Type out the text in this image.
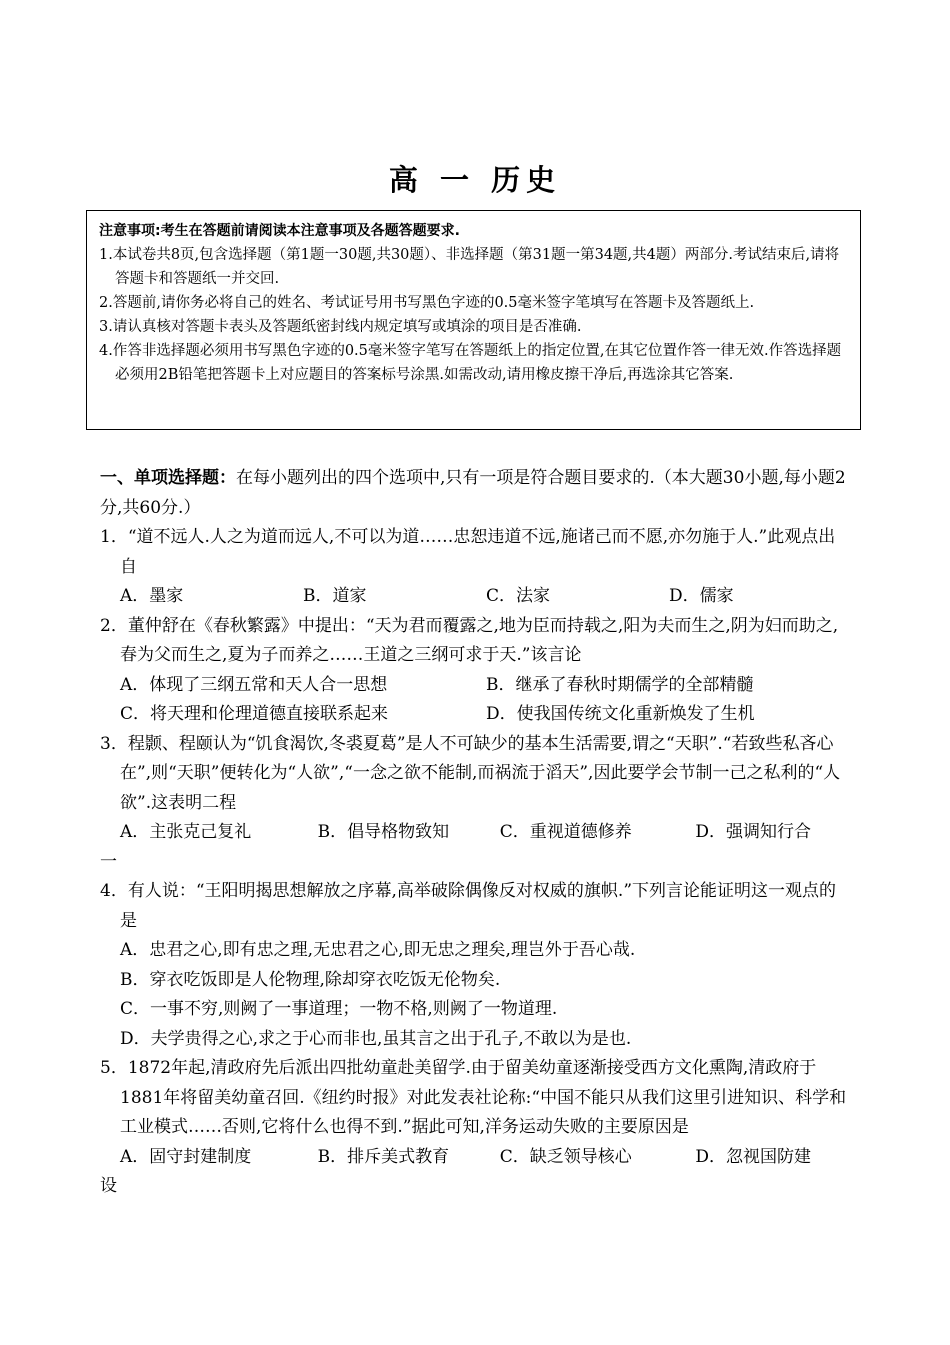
高 一 历史
注意事项:考生在答题前请阅读本注意事项及各题答题要求.
1.本试卷共8页,包含选择题（第1题一30题,共30题）、非选择题（第31题一第34题,共4题）两部分.考试结束后,请将答题卡和答题纸一并交回.
2.答题前,请你务必将自己的姓名、考试证号用书写黑色字迹的0.5毫米签字笔填写在答题卡及答题纸上.
3.请认真核对答题卡表头及答题纸密封线内规定填写或填涂的项目是否准确.
4.作答非选择题必须用书写黑色字迹的0.5毫米签字笔写在答题纸上的指定位置,在其它位置作答一律无效.作答选择题必须用2B铅笔把答题卡上对应题目的答案标号涂黑.如需改动,请用橡皮擦干净后,再选涂其它答案.

一、单项选择题：在每小题列出的四个选项中,只有一项是符合题目要求的.（本大题30小题,每小题2分,共60分.）

1．“道不远人.人之为道而远人,不可以为道……忠恕违道不远,施诸己而不愿,亦勿施于人.”此观点出自

A．墨家	B．道家	C．法家	D．儒家

2．董仲舒在《春秋繁露》中提出：“天为君而覆露之,地为臣而持载之,阳为夫而生之,阴为妇而助之,春为父而生之,夏为子而养之……王道之三纲可求于天.”该言论

A．体现了三纲五常和天人合一思想	B．继承了春秋时期儒学的全部精髓
C．将天理和伦理道德直接联系起来	D．使我国传统文化重新焕发了生机

3．程颢、程颐认为“饥食渴饮,冬裘夏葛”是人不可缺少的基本生活需要,谓之“天职”.“若致些私吝心在”,则“天职”便转化为“人欲”,“一念之欲不能制,而祸流于滔天”,因此要学会节制一己之私利的“人欲”.这表明二程

A．主张克己复礼	B．倡导格物致知	C．重视道德修养	D．强调知行合

一

4．有人说：“王阳明揭思想解放之序幕,高举破除偶像反对权威的旗帜.”下列言论能证明这一观点的是

A．忠君之心,即有忠之理,无忠君之心,即无忠之理矣,理岂外于吾心哉.

B．穿衣吃饭即是人伦物理,除却穿衣吃饭无伦物矣.

C．一事不穷,则阙了一事道理；一物不格,则阙了一物道理.

D．夫学贵得之心,求之于心而非也,虽其言之出于孔子,不敢以为是也.

5．1872年起,清政府先后派出四批幼童赴美留学.由于留美幼童逐渐接受西方文化熏陶,清政府于1881年将留美幼童召回.《纽约时报》对此发表社论称:“中国不能只从我们这里引进知识、科学和工业模式……否则,它将什么也得不到.”据此可知,洋务运动失败的主要原因是

A．固守封建制度	B．排斥美式教育	C．缺乏领导核心	D．忽视国防建

设
